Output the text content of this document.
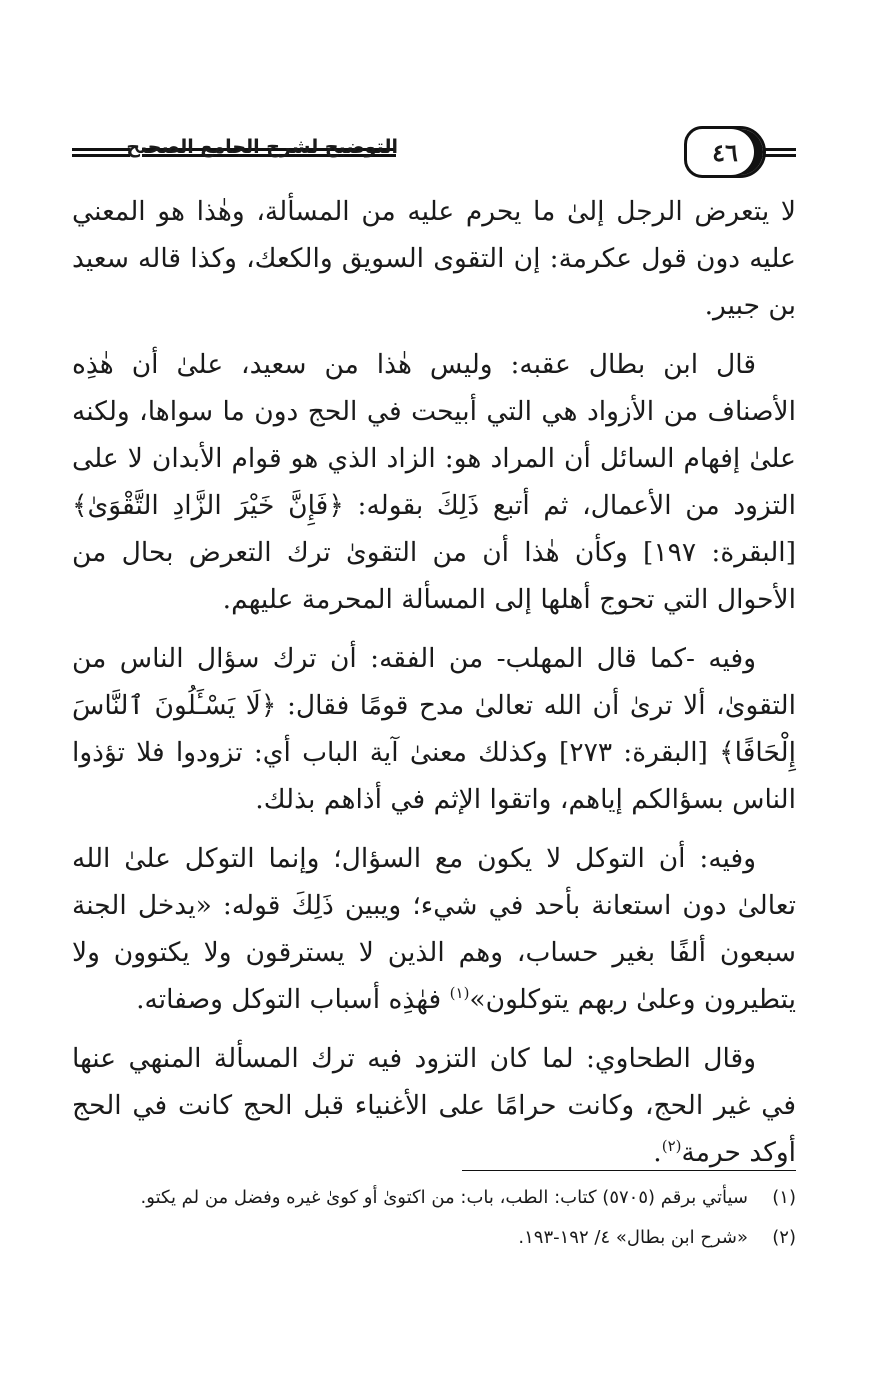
التوضيح لشرح الجامع الصحيح	٤٦

لا يتعرض الرجل إلىٰ ما يحرم عليه من المسألة، وهٰذا هو المعني عليه دون قول عكرمة: إن التقوى السويق والكعك، وكذا قاله سعيد بن جبير.

قال ابن بطال عقبه: وليس هٰذا من سعيد، علىٰ أن هٰذِه الأصناف من الأزواد هي التي أبيحت في الحج دون ما سواها، ولكنه علىٰ إفهام السائل أن المراد هو: الزاد الذي هو قوام الأبدان لا على التزود من الأعمال، ثم أتبع ذَلِكَ بقوله: ﴿فَإِنَّ خَيْرَ الزَّادِ التَّقْوَىٰ﴾ [البقرة: ١٩٧] وكأن هٰذا أن من التقوىٰ ترك التعرض بحال من الأحوال التي تحوج أهلها إلى المسألة المحرمة عليهم.

وفيه -كما قال المهلب- من الفقه: أن ترك سؤال الناس من التقوىٰ، ألا ترىٰ أن الله تعالىٰ مدح قومًا فقال: ﴿لَا يَسْـَٔلُونَ ٱلنَّاسَ إِلْحَافًا﴾ [البقرة: ٢٧٣] وكذلك معنىٰ آية الباب أي: تزودوا فلا تؤذوا الناس بسؤالكم إياهم، واتقوا الإثم في أذاهم بذلك.

وفيه: أن التوكل لا يكون مع السؤال؛ وإنما التوكل علىٰ الله تعالىٰ دون استعانة بأحد في شيء؛ ويبين ذَلِكَ قوله: «يدخل الجنة سبعون ألفًا بغير حساب، وهم الذين لا يسترقون ولا يكتوون ولا يتطيرون وعلىٰ ربهم يتوكلون»$^{(١)}$ فهٰذِه أسباب التوكل وصفاته.

وقال الطحاوي: لما كان التزود فيه ترك المسألة المنهي عنها في غير الحج، وكانت حرامًا على الأغنياء قبل الحج كانت في الحج أوكد حرمة$^{(٢)}$.

(١)
سيأتي برقم (٥٧٠٥) كتاب: الطب، باب: من اكتوىٰ أو كوىٰ غيره وفضل من لم يكتو.
(٢)
«شرح ابن بطال» ٤/ ١٩٢-١٩٣.
